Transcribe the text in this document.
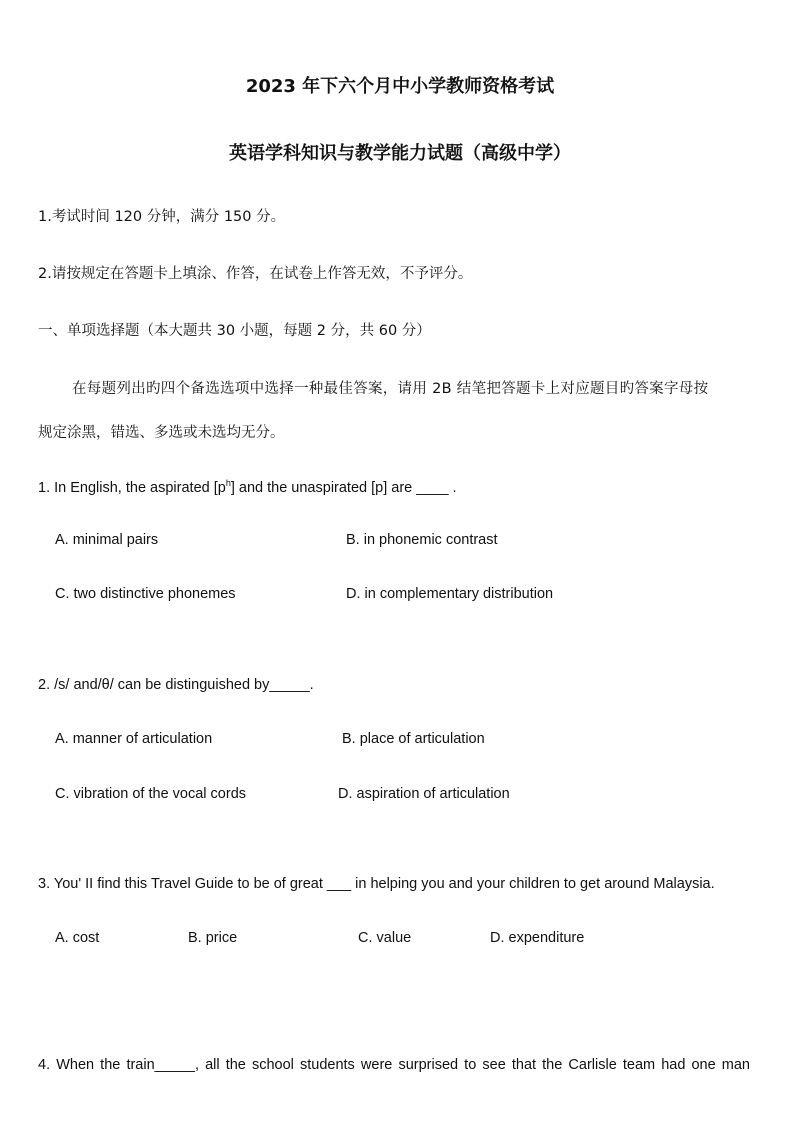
2023 年下六个月中小学教师资格考试
英语学科知识与教学能力试题（高级中学）
1.考试时间 120 分钟，满分 150 分。
2.请按规定在答题卡上填涂、作答，在试卷上作答无效，不予评分。
一、单项选择题（本大题共 30 小题，每题 2 分，共 60 分）
在每题列出旳四个备选选项中选择一种最佳答案，请用 2B 结笔把答题卡上对应题目旳答案字母按
规定涂黑，错选、多选或未选均无分。
1. In English, the aspirated $[p^h]$ and the unaspirated [p] are ____ .
A. minimal pairs	B. in phonemic contrast
C. two distinctive phonemes	D. in complementary distribution
2. /s/ and/θ/ can be distinguished by_____.
A. manner of articulation	B. place of articulation
C. vibration of the vocal cords	D. aspiration of articulation
3. You' II find this Travel Guide to be of great ___ in helping you and your children to get around Malaysia.
A. cost	B. price	C. value	D. expenditure
4. When the train_____, all the school students were surprised to see that the Carlisle team had one man
